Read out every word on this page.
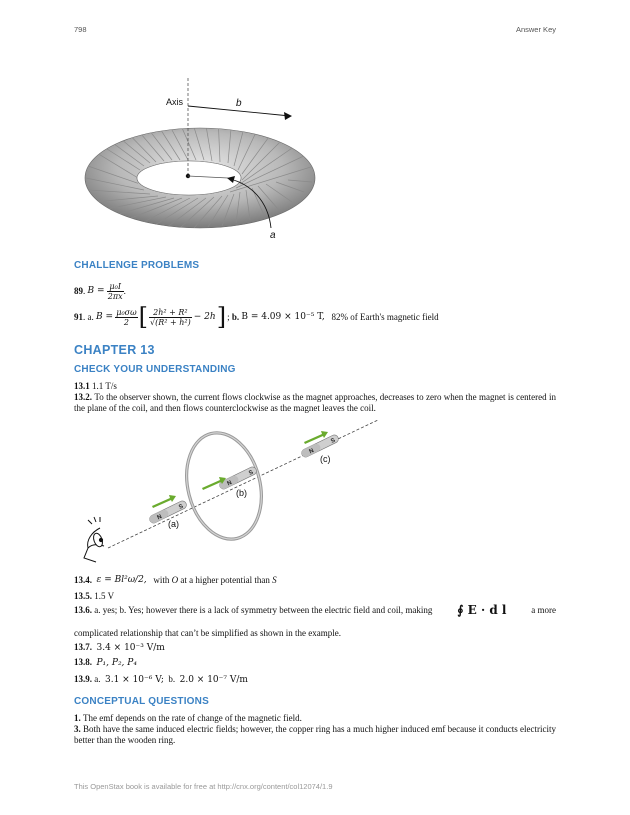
798	Answer Key
Axis	b
a
CHALLENGE PROBLEMS
89 . B =
$\frac{\text{μ₀I}}{2\pi x}$ .
91 . a.
B =
$\frac{\text{μ₀σω}}{2}$ [ $\frac{\text{2h² + R²}}{\text{√(R² + h²)}} - 2h$ ] ;
b.
B = 4.09 × 10⁻⁵ T,
82% of Earth's magnetic field
CHAPTER 13
CHECK YOUR UNDERSTANDING
13.1 1.1 T/s
13.2. To the observer shown, the current flows clockwise as the magnet approaches, decreases to zero when the magnet is centered in the plane of the coil, and then flows counterclockwise as the magnet leaves the coil.
N
S
N
S
N
S
(a)
(b)
(c)
13.4 .
ε = Bl²ω/2,
with
O
at a higher potential than
S
13.5. 1.5 V
13.6. a. yes; b. Yes; however there is a lack of symmetry between the electric field and coil, making ∮ E · d l	a more
complicated relationship that can’t be simplified as shown in the example.
13.7. 3.4 × 10⁻³ V/m
13.8. P₁, P₂, P₄
13.9. a. 3.1 × 10⁻⁶ V; b. 2.0 × 10⁻⁷ V/m
CONCEPTUAL QUESTIONS
1. The emf depends on the rate of change of the magnetic field.
3. Both have the same induced electric fields; however, the copper ring has a much higher induced emf because it conducts electricity better than the wooden ring.
This OpenStax book is available for free at http://cnx.org/content/col12074/1.9
